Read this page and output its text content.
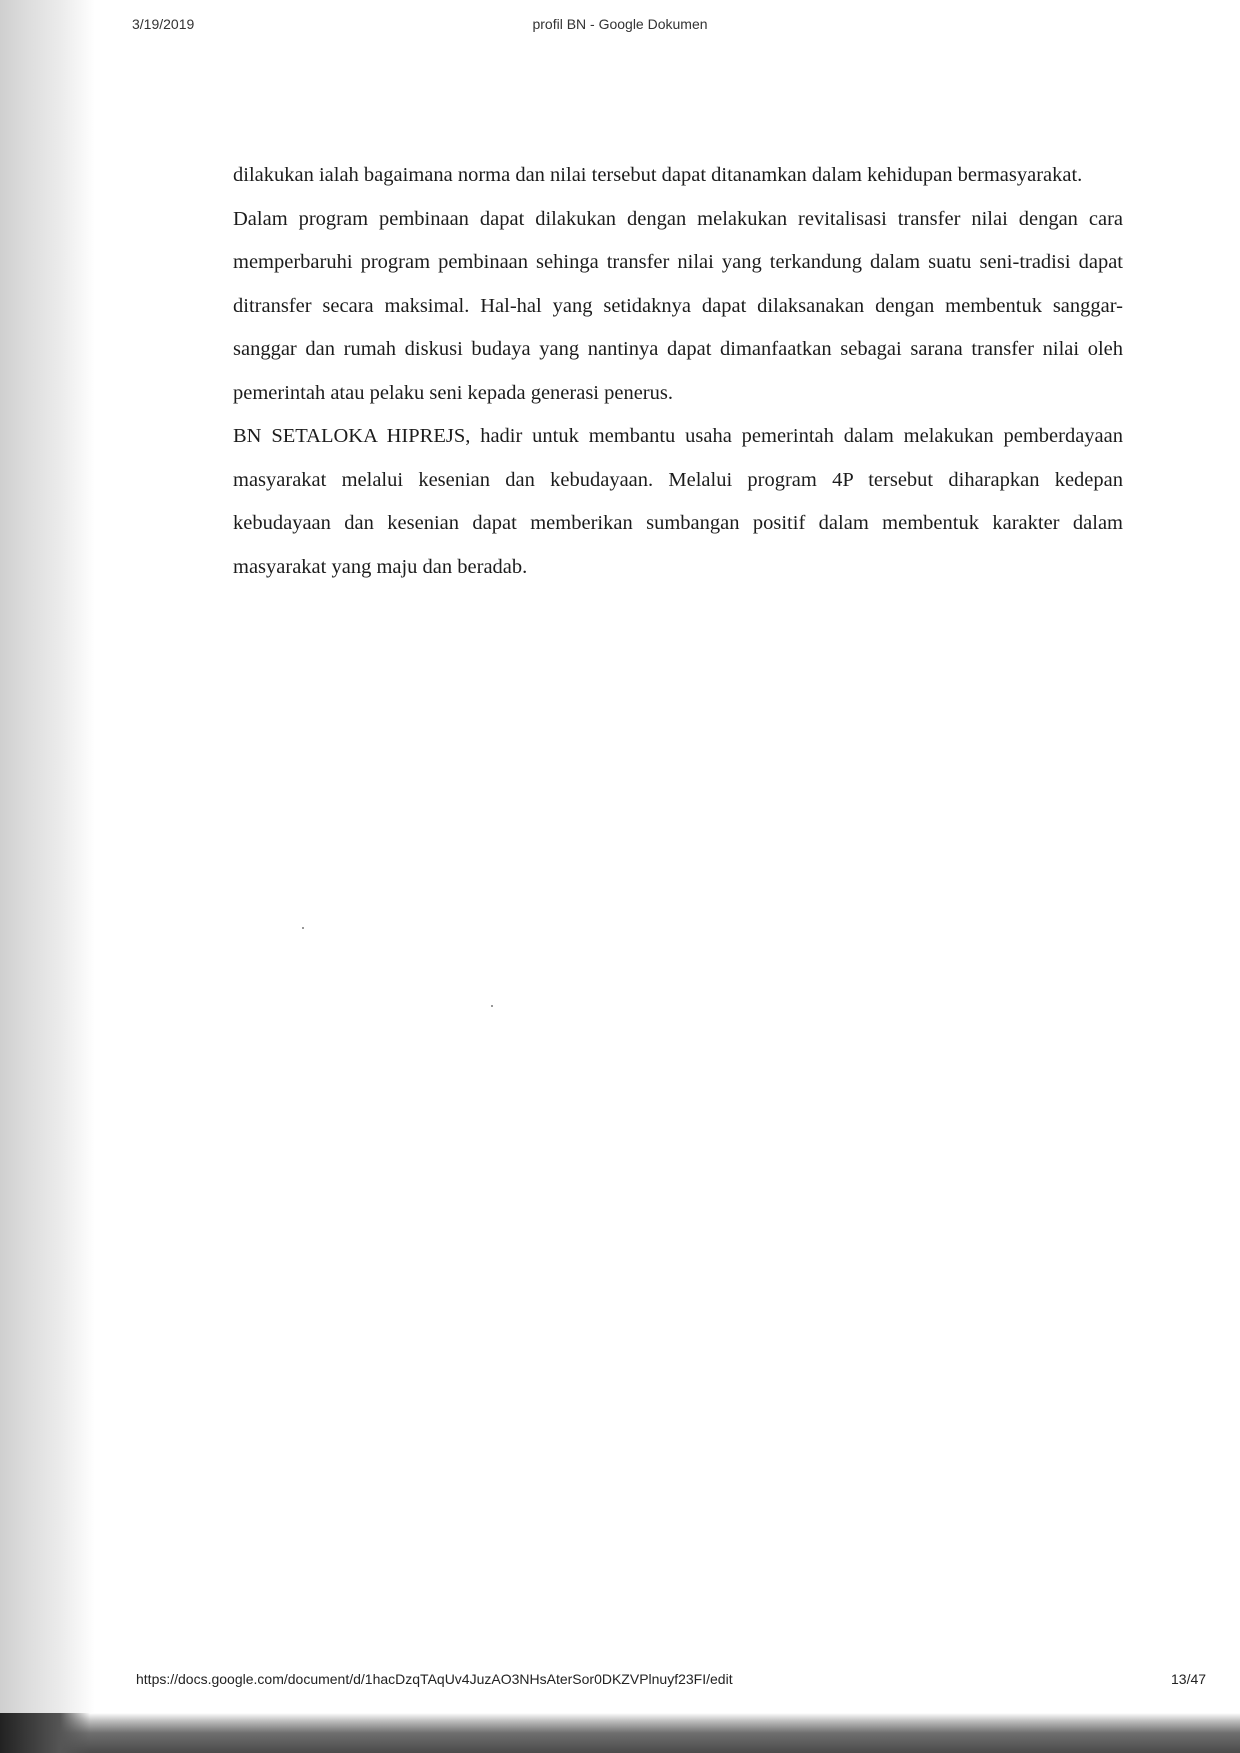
3/19/2019	profil BN - Google Dokumen

dilakukan ialah bagaimana norma dan nilai tersebut dapat ditanamkan dalam kehidupan bermasyarakat.

Dalam program pembinaan dapat dilakukan dengan melakukan revitalisasi transfer nilai dengan cara memperbaruhi program pembinaan sehinga transfer nilai yang terkandung dalam suatu seni-tradisi dapat ditransfer secara maksimal. Hal-hal yang setidaknya dapat dilaksanakan dengan membentuk sanggar-sanggar dan rumah diskusi budaya yang nantinya dapat dimanfaatkan sebagai sarana transfer nilai oleh pemerintah atau pelaku seni kepada generasi penerus.

BN SETALOKA HIPREJS, hadir untuk membantu usaha pemerintah dalam melakukan pemberdayaan masyarakat melalui kesenian dan kebudayaan. Melalui program 4P tersebut diharapkan kedepan kebudayaan dan kesenian dapat memberikan sumbangan positif dalam membentuk karakter dalam masyarakat yang maju dan beradab.

https://docs.google.com/document/d/1hacDzqTAqUv4JuzAO3NHsAterSor0DKZVPlnuyf23FI/edit	13/47
